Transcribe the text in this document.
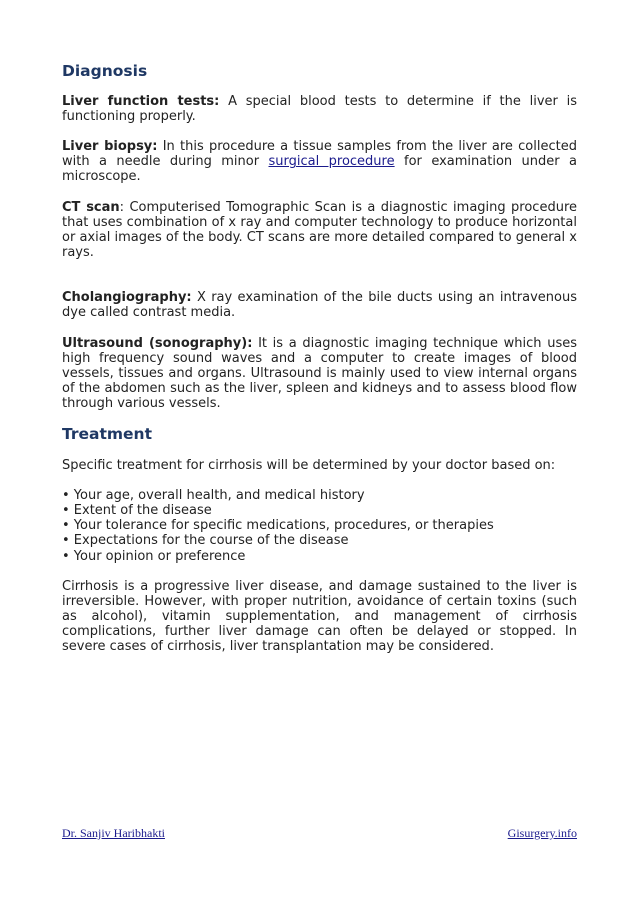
Diagnosis

Liver function tests: A special blood tests to determine if the liver is functioning properly.

Liver biopsy: In this procedure a tissue samples from the liver are collected with a needle during minor surgical procedure for examination under a microscope.

CT scan: Computerised Tomographic Scan is a diagnostic imaging procedure that uses combination of x ray and computer technology to produce horizontal or axial images of the body. CT scans are more detailed compared to general x rays.

Cholangiography: X ray examination of the bile ducts using an intravenous dye called contrast media.

Ultrasound (sonography): It is a diagnostic imaging technique which uses high frequency sound waves and a computer to create images of blood vessels, tissues and organs. Ultrasound is mainly used to view internal organs of the abdomen such as the liver, spleen and kidneys and to assess blood flow through various vessels.

Treatment

Specific treatment for cirrhosis will be determined by your doctor based on:

• Your age, overall health, and medical history
• Extent of the disease
• Your tolerance for specific medications, procedures, or therapies
• Expectations for the course of the disease
• Your opinion or preference

Cirrhosis is a progressive liver disease, and damage sustained to the liver is irreversible. However, with proper nutrition, avoidance of certain toxins (such as alcohol), vitamin supplementation, and management of cirrhosis complications, further liver damage can often be delayed or stopped. In severe cases of cirrhosis, liver transplantation may be considered.

Dr. Sanjiv Haribhakti	Gisurgery.info
